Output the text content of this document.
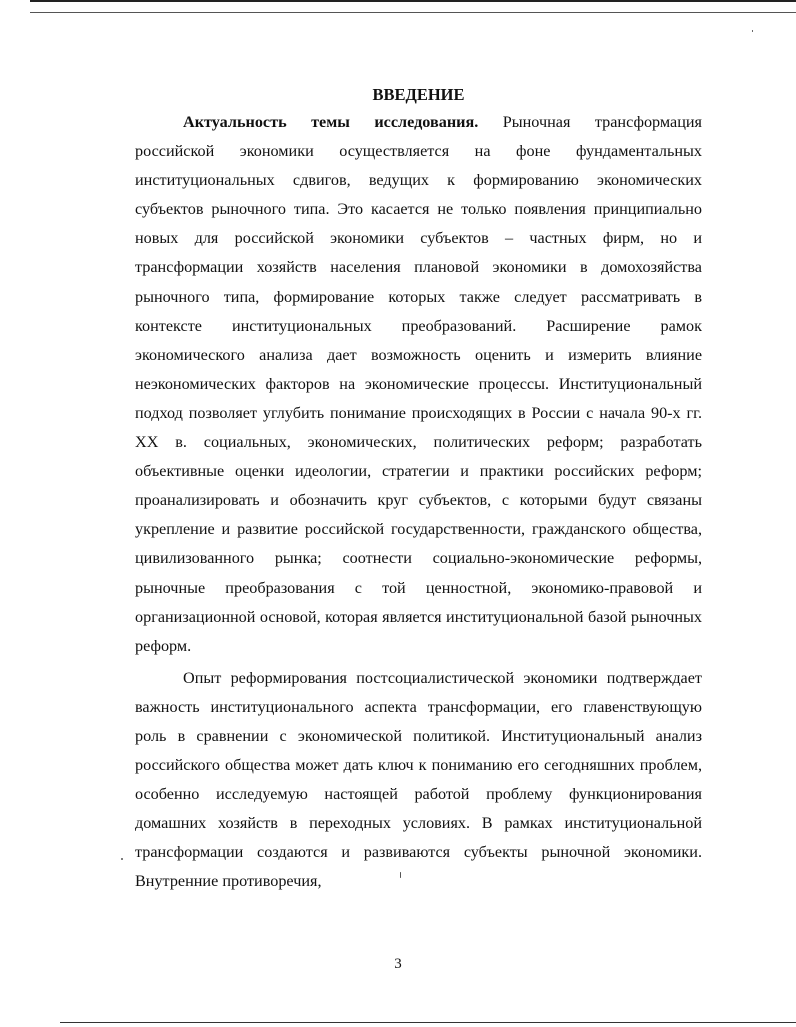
ВВЕДЕНИЕ

Актуальность темы исследования. Рыночная трансформация российской экономики осуществляется на фоне фундаментальных институциональных сдвигов, ведущих к формированию экономических субъектов рыночного типа. Это касается не только появления принципиально новых для российской экономики субъектов – частных фирм, но и трансформации хозяйств населения плановой экономики в домохозяйства рыночного типа, формирование которых также следует рассматривать в контексте институциональных преобразований. Расширение рамок экономического анализа дает возможность оценить и измерить влияние неэкономических факторов на экономические процессы. Институциональный подход позволяет углубить понимание происходящих в России с начала 90-х гг. XX в. социальных, экономических, политических реформ; разработать объективные оценки идеологии, стратегии и практики российских реформ; проанализировать и обозначить круг субъектов, с которыми будут связаны укрепление и развитие российской государственности, гражданского общества, цивилизованного рынка; соотнести социально-экономические реформы, рыночные преобразования с той ценностной, экономико-правовой и организационной основой, которая является институциональной базой рыночных реформ.

Опыт реформирования постсоциалистической экономики подтверждает важность институционального аспекта трансформации, его главенствующую роль в сравнении с экономической политикой. Институциональный анализ российского общества может дать ключ к пониманию его сегодняшних проблем, особенно исследуемую настоящей работой проблему функционирования домашних хозяйств в переходных условиях. В рамках институциональной трансформации создаются и развиваются субъекты рыночной экономики. Внутренние противоречия,

3
